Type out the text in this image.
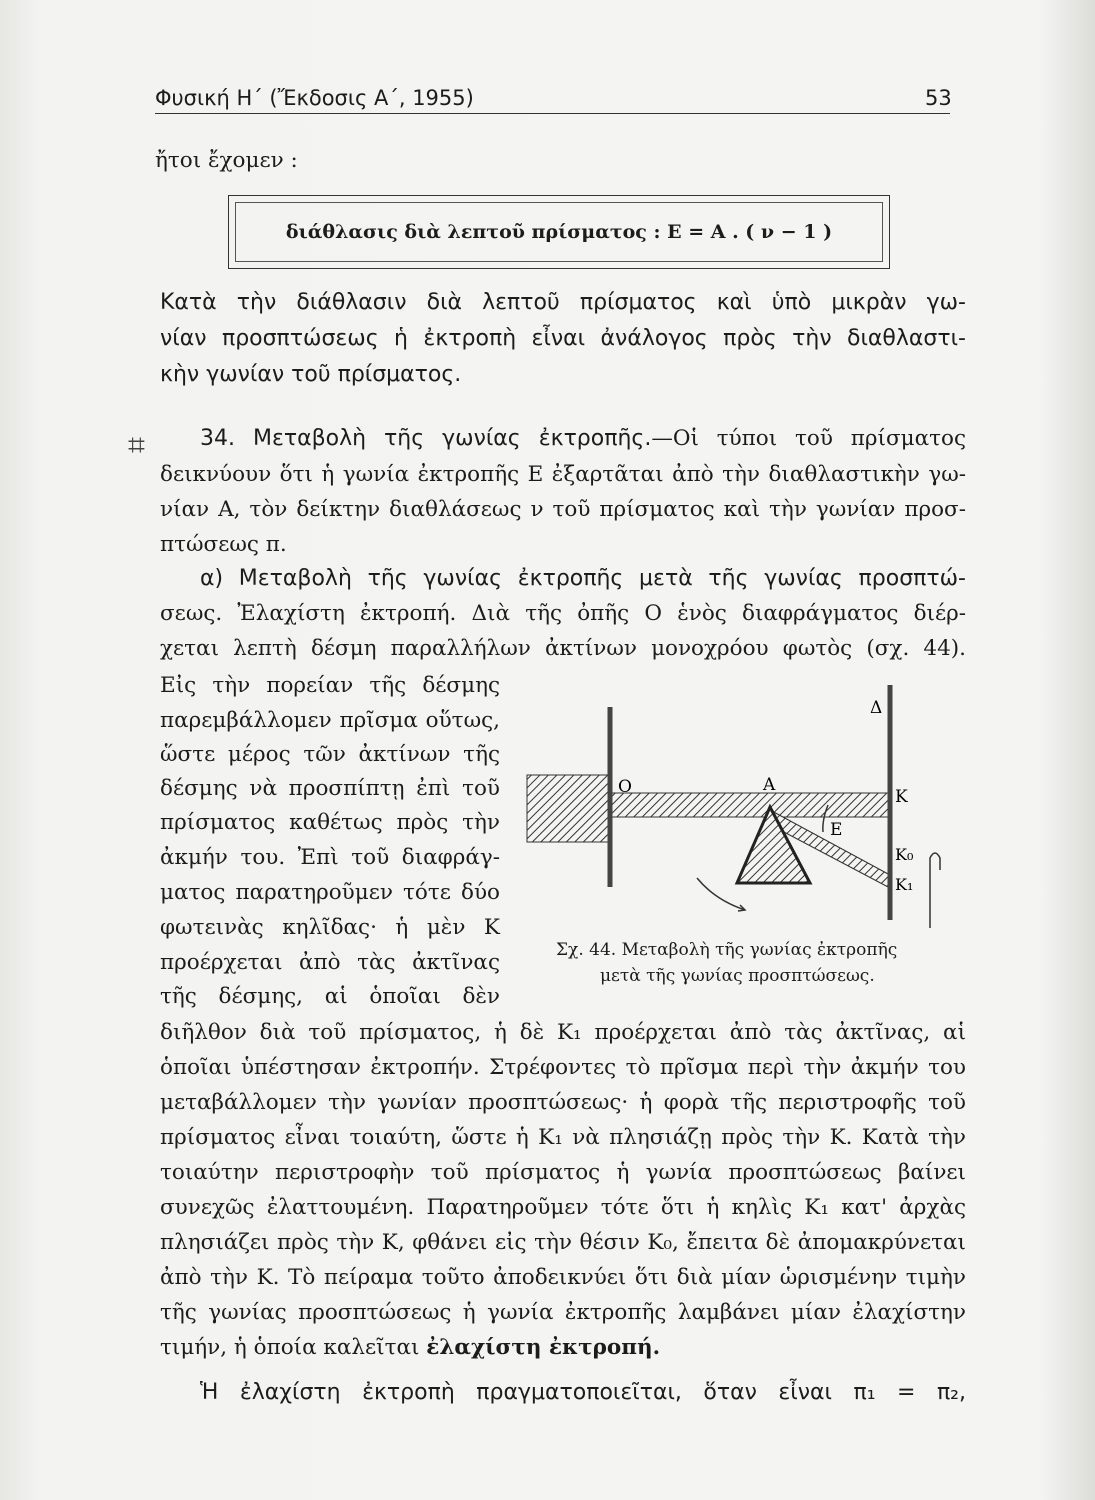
Φυσική Η΄ (Ἔκδοσις Α΄, 1955)	53
ἤτοι ἔχομεν :
διάθλασις διὰ λεπτοῦ πρίσματος : Ε = Α . ( ν − 1 )
Κατὰ τὴν διάθλασιν διὰ λεπτοῦ πρίσματος καὶ ὑπὸ μικρὰν γω-
νίαν προσπτώσεως ἡ ἐκτροπὴ εἶναι ἀνάλογος πρὸς τὴν διαθλαστι-
κὴν γωνίαν τοῦ πρίσματος.
⌗	34. Μεταβολὴ τῆς γωνίας ἐκτροπῆς.—Οἱ τύποι τοῦ πρίσματος
δεικνύουν ὅτι ἡ γωνία ἐκτροπῆς Ε ἐξαρτᾶται ἀπὸ τὴν διαθλαστικὴν γω-
νίαν Α, τὸν δείκτην διαθλάσεως ν τοῦ πρίσματος καὶ τὴν γωνίαν προσ-
πτώσεως π.
α) Μεταβολὴ τῆς γωνίας ἐκτροπῆς μετὰ τῆς γωνίας προσπτώ-
σεως. Ἐλαχίστη ἐκτροπή. Διὰ τῆς ὀπῆς Ο ἑνὸς διαφράγματος διέρ-
χεται λεπτὴ δέσμη παραλλήλων ἀκτίνων μονοχρόου φωτὸς (σχ. 44).
Εἰς τὴν πορείαν τῆς δέσμης
παρεμβάλλομεν πρῖσμα οὕτως,
ὥστε μέρος τῶν ἀκτίνων τῆς
δέσμης νὰ προσπίπτῃ ἐπὶ τοῦ
πρίσματος καθέτως πρὸς τὴν
ἀκμήν του. Ἐπὶ τοῦ διαφράγ-
ματος παρατηροῦμεν τότε δύο
φωτεινὰς κηλῖδας· ἡ μὲν Κ
προέρχεται ἀπὸ τὰς ἀκτῖνας
τῆς δέσμης, αἱ ὁποῖαι δὲν
Ο	Α
Ε
Δ
Κ
Κ₀
Κ₁
Σχ. 44. Μεταβολὴ τῆς γωνίας ἐκτροπῆς
μετὰ τῆς γωνίας προσπτώσεως.
διῆλθον διὰ τοῦ πρίσματος, ἡ δὲ Κ₁ προέρχεται ἀπὸ τὰς ἀκτῖνας, αἱ
ὁποῖαι ὑπέστησαν ἐκτροπήν. Στρέφοντες τὸ πρῖσμα περὶ τὴν ἀκμήν του
μεταβάλλομεν τὴν γωνίαν προσπτώσεως· ἡ φορὰ τῆς περιστροφῆς τοῦ
πρίσματος εἶναι τοιαύτη, ὥστε ἡ Κ₁ νὰ πλησιάζῃ πρὸς τὴν Κ. Κατὰ τὴν
τοιαύτην περιστροφὴν τοῦ πρίσματος ἡ γωνία προσπτώσεως βαίνει
συνεχῶς ἐλαττουμένη. Παρατηροῦμεν τότε ὅτι ἡ κηλὶς Κ₁ κατ' ἀρχὰς
πλησιάζει πρὸς τὴν Κ, φθάνει εἰς τὴν θέσιν Κ₀, ἔπειτα δὲ ἀπομακρύνεται
ἀπὸ τὴν Κ. Τὸ πείραμα τοῦτο ἀποδεικνύει ὅτι διὰ μίαν ὡρισμένην τιμὴν
τῆς γωνίας προσπτώσεως ἡ γωνία ἐκτροπῆς λαμβάνει μίαν ἐλαχίστην
τιμήν, ἡ ὁποία καλεῖται ἐλαχίστη ἐκτροπή.
Ἡ ἐλαχίστη ἐκτροπὴ πραγματοποιεῖται, ὅταν εἶναι π₁ = π₂,
